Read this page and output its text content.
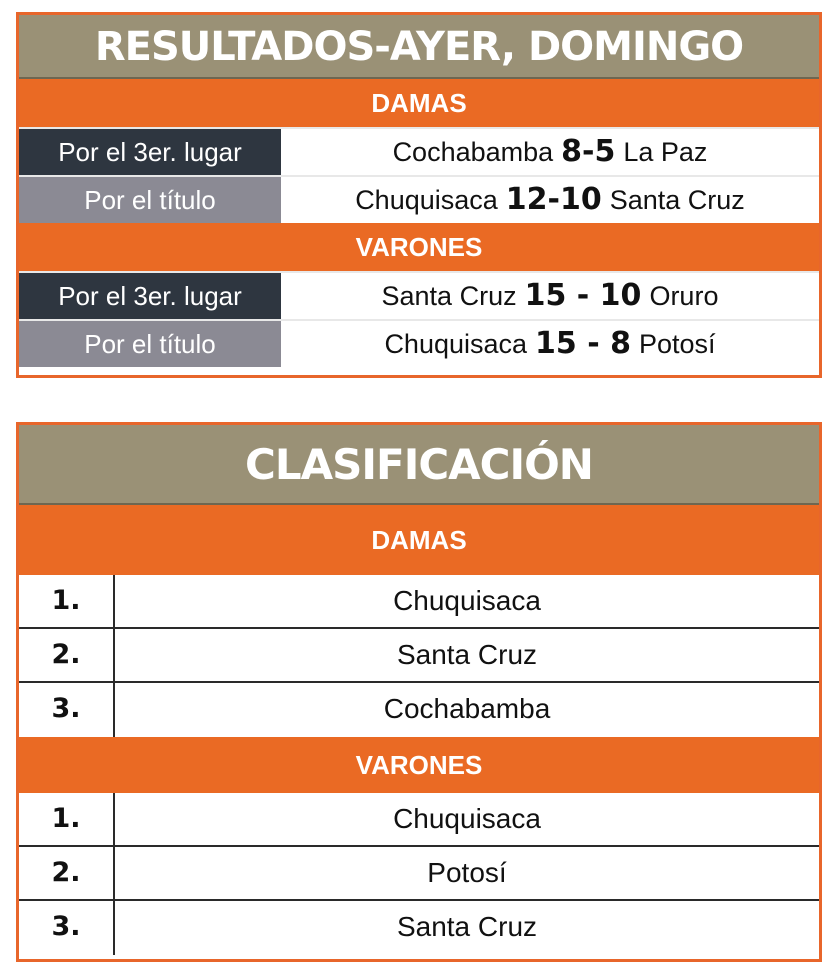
RESULTADOS-AYER, DOMINGO
DAMAS
Por el 3er. lugar	Cochabamba 8-5 La Paz
Por el título	Chuquisaca 12-10 Santa Cruz
VARONES
Por el 3er. lugar	Santa Cruz 15 - 10 Oruro
Por el título	Chuquisaca 15 - 8 Potosí
CLASIFICACIÓN
DAMAS
1.	Chuquisaca
2.	Santa Cruz
3.	Cochabamba
VARONES
1.	Chuquisaca
2.	Potosí
3.	Santa Cruz
